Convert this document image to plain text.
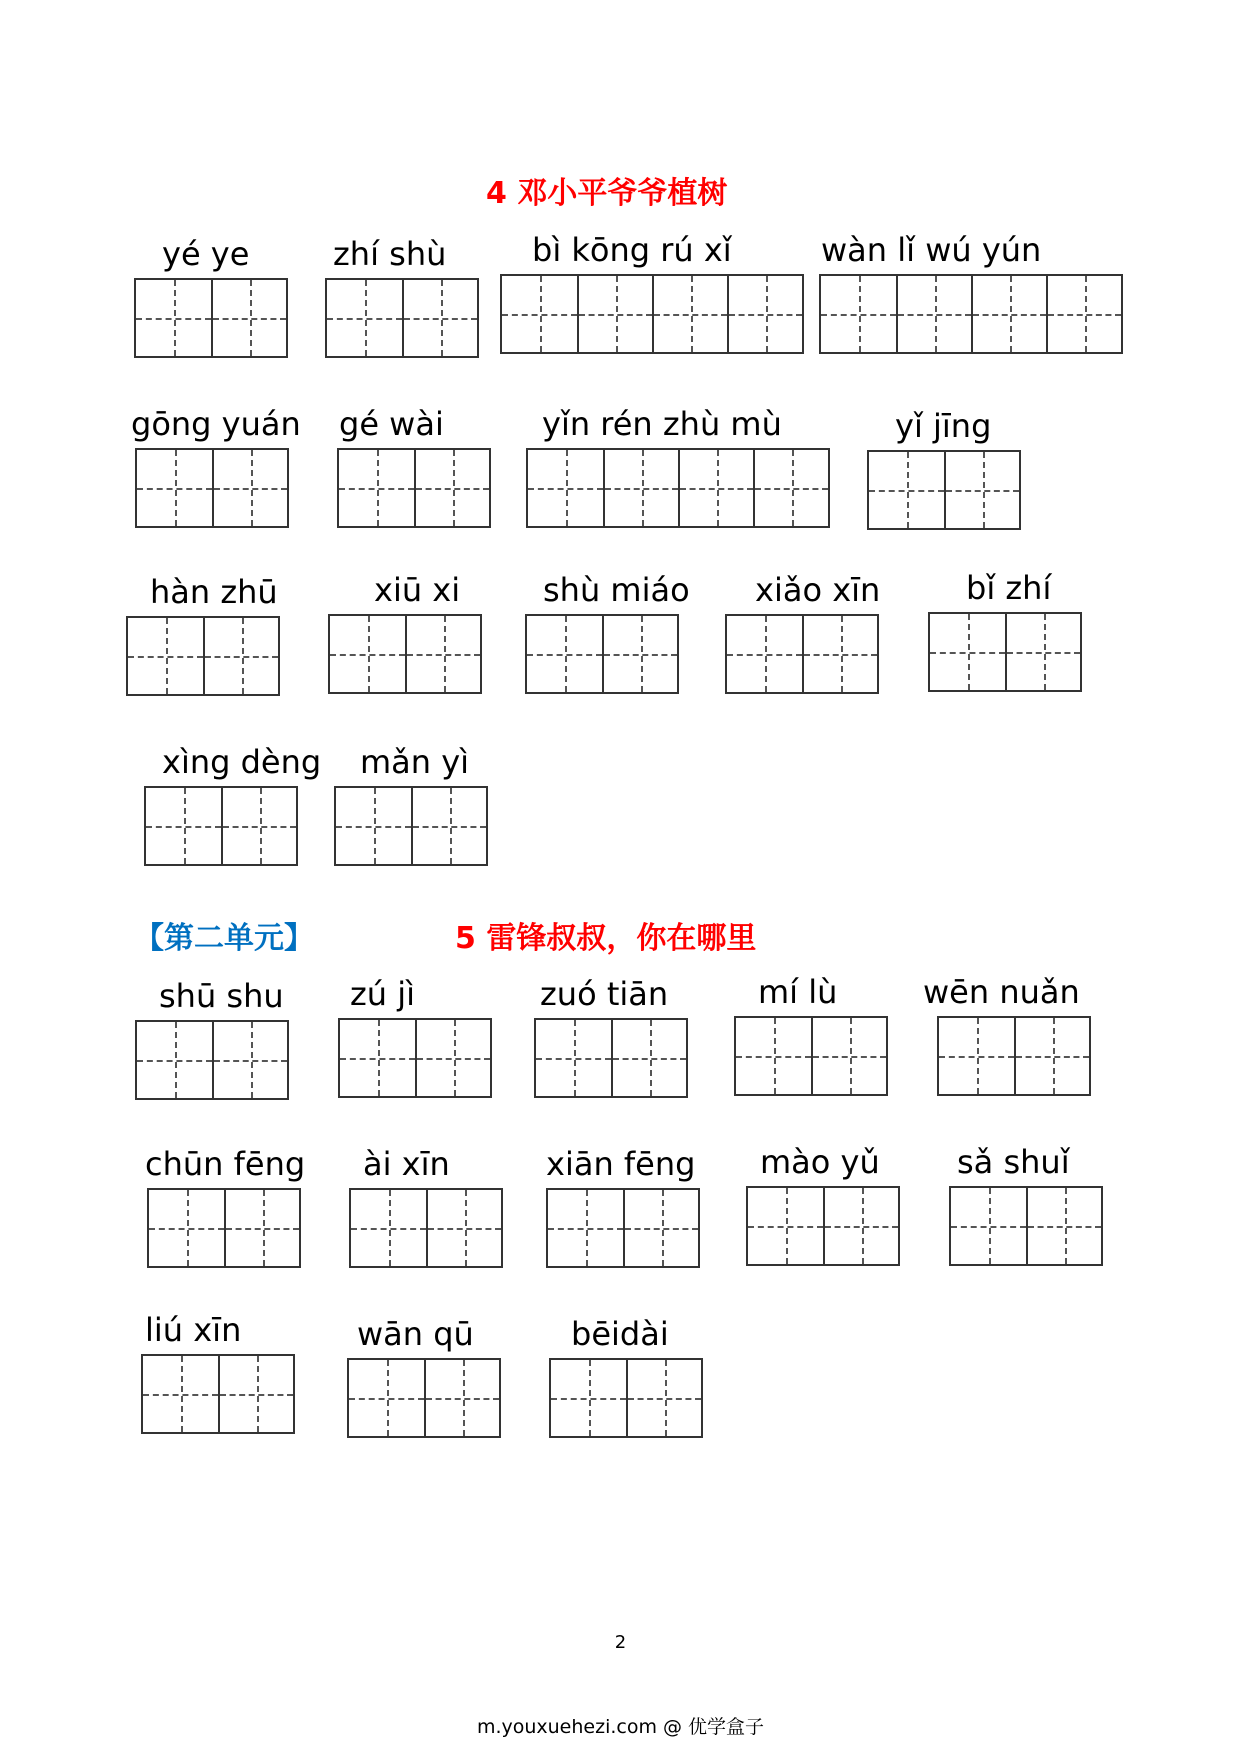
4 邓小平爷爷植树
yé ye	zhí shù	bì kōng rú xǐ	wàn lǐ wú yún
gōng yuán gé wài	yǐn rén zhù mù	yǐ jīng
hàn zhū	xiū xi	shù miáo xiǎo xīn	bǐ zhí
xìng dèng mǎn yì
【第二单元】	5 雷锋叔叔，你在哪里
shū shu zú jì	zuó tiān	mí lù	wēn nuǎn
chūn fēng ài xīn	xiān fēng mào yǔ sǎ shuǐ
liú xīn	wān qū	bēidài
2
m.youxuehezi.com @ 优学盒子
